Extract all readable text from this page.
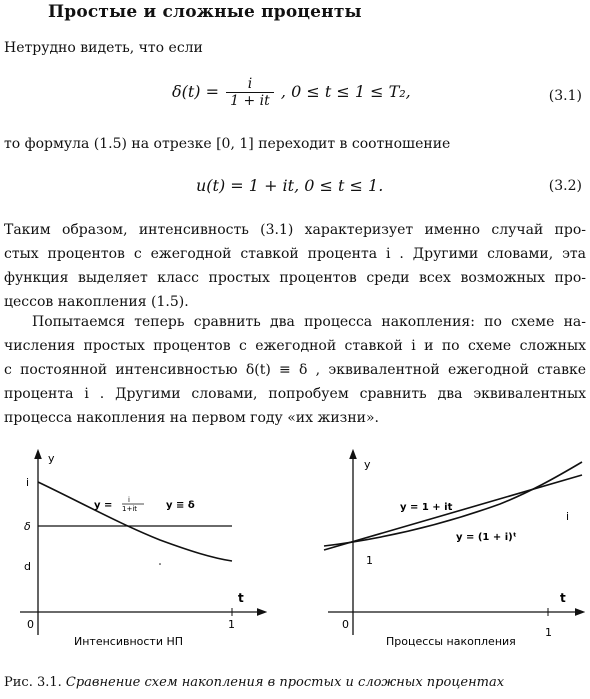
Простые и сложные проценты
Нетрудно видеть, что если
$\delta(t) = \frac{i}{1 + it}$ , 0 ≤ t ≤ 1 ≤ T₂,	(3.1)
то формула (1.5) на отрезке [0, 1] переходит в соотношение
u(t) = 1 + it, 0 ≤ t ≤ 1.	(3.2)
Таким образом, интенсивность (3.1) характеризует именно случай про-
стых процентов с ежегодной ставкой процента i . Другими словами, эта
функция выделяет класс простых процентов среди всех возможных про-
цессов накопления (1.5).
Попытаемся теперь сравнить два процесса накопления: по схеме на-
числения простых процентов с ежегодной ставкой i и по схеме сложных
с постоянной интенсивностью δ(t) ≡ δ , эквивалентной ежегодной ставке
процента i . Другими словами, попробуем сравнить два эквивалентных
процесса накопления на первом году «их жизни».
y
t
i
δ
d
0	1
y = i
1+it	y ≡ δ
Интенсивности НП
y
t
1
0
1
y = 1 + it
y = (1 + i)ᵗ
i
Процессы накопления
Рис. 3.1. Сравнение схем накопления в простых и сложных процентах
